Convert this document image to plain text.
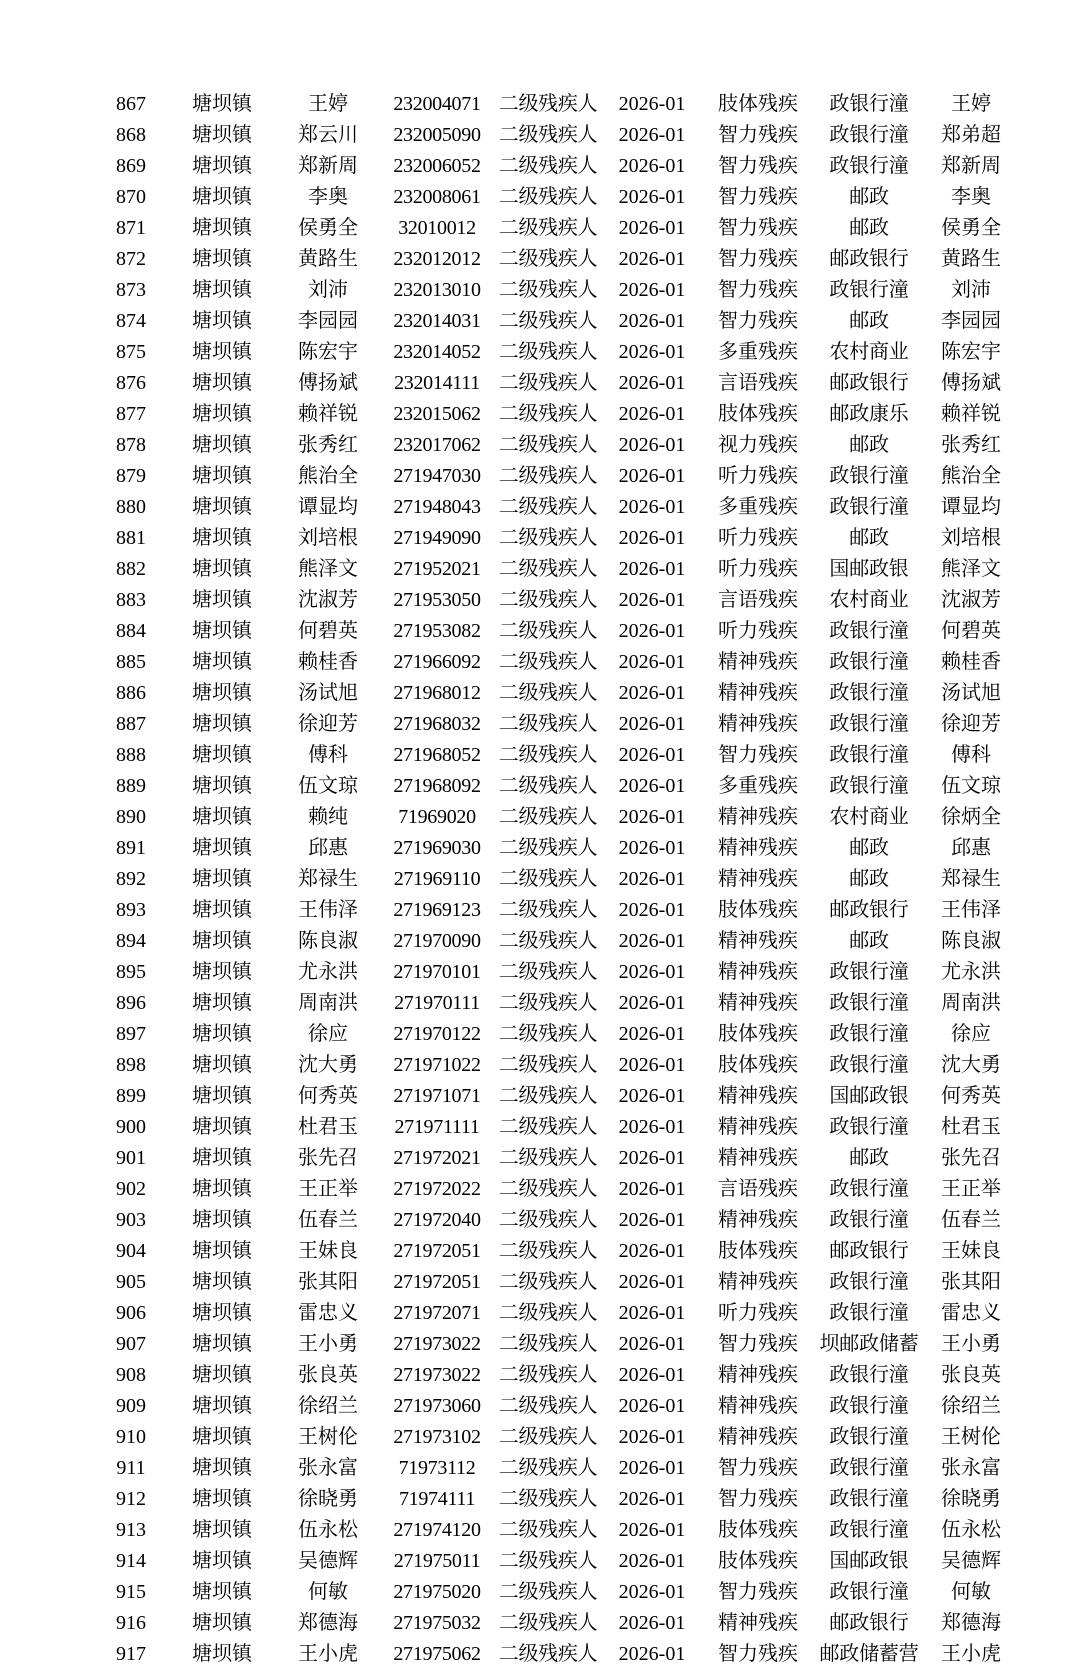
867	塘坝镇	王婷	232004071	二级残疾人	2026-01	肢体残疾	政银行潼	王婷
868	塘坝镇	郑云川	232005090	二级残疾人	2026-01	智力残疾	政银行潼	郑弟超
869	塘坝镇	郑新周	232006052	二级残疾人	2026-01	智力残疾	政银行潼	郑新周
870	塘坝镇	李奥	232008061	二级残疾人	2026-01	智力残疾	邮政	李奥
871	塘坝镇	侯勇全	32010012	二级残疾人	2026-01	智力残疾	邮政	侯勇全
872	塘坝镇	黄路生	232012012	二级残疾人	2026-01	智力残疾	邮政银行	黄路生
873	塘坝镇	刘沛	232013010	二级残疾人	2026-01	智力残疾	政银行潼	刘沛
874	塘坝镇	李园园	232014031	二级残疾人	2026-01	智力残疾	邮政	李园园
875	塘坝镇	陈宏宇	232014052	二级残疾人	2026-01	多重残疾	农村商业	陈宏宇
876	塘坝镇	傅扬斌	232014111	二级残疾人	2026-01	言语残疾	邮政银行	傅扬斌
877	塘坝镇	赖祥锐	232015062	二级残疾人	2026-01	肢体残疾	邮政康乐	赖祥锐
878	塘坝镇	张秀红	232017062	二级残疾人	2026-01	视力残疾	邮政	张秀红
879	塘坝镇	熊治全	271947030	二级残疾人	2026-01	听力残疾	政银行潼	熊治全
880	塘坝镇	谭显均	271948043	二级残疾人	2026-01	多重残疾	政银行潼	谭显均
881	塘坝镇	刘培根	271949090	二级残疾人	2026-01	听力残疾	邮政	刘培根
882	塘坝镇	熊泽文	271952021	二级残疾人	2026-01	听力残疾	国邮政银	熊泽文
883	塘坝镇	沈淑芳	271953050	二级残疾人	2026-01	言语残疾	农村商业	沈淑芳
884	塘坝镇	何碧英	271953082	二级残疾人	2026-01	听力残疾	政银行潼	何碧英
885	塘坝镇	赖桂香	271966092	二级残疾人	2026-01	精神残疾	政银行潼	赖桂香
886	塘坝镇	汤试旭	271968012	二级残疾人	2026-01	精神残疾	政银行潼	汤试旭
887	塘坝镇	徐迎芳	271968032	二级残疾人	2026-01	精神残疾	政银行潼	徐迎芳
888	塘坝镇	傅科	271968052	二级残疾人	2026-01	智力残疾	政银行潼	傅科
889	塘坝镇	伍文琼	271968092	二级残疾人	2026-01	多重残疾	政银行潼	伍文琼
890	塘坝镇	赖纯	71969020	二级残疾人	2026-01	精神残疾	农村商业	徐炳全
891	塘坝镇	邱惠	271969030	二级残疾人	2026-01	精神残疾	邮政	邱惠
892	塘坝镇	郑禄生	271969110	二级残疾人	2026-01	精神残疾	邮政	郑禄生
893	塘坝镇	王伟泽	271969123	二级残疾人	2026-01	肢体残疾	邮政银行	王伟泽
894	塘坝镇	陈良淑	271970090	二级残疾人	2026-01	精神残疾	邮政	陈良淑
895	塘坝镇	尤永洪	271970101	二级残疾人	2026-01	精神残疾	政银行潼	尤永洪
896	塘坝镇	周南洪	271970111	二级残疾人	2026-01	精神残疾	政银行潼	周南洪
897	塘坝镇	徐应	271970122	二级残疾人	2026-01	肢体残疾	政银行潼	徐应
898	塘坝镇	沈大勇	271971022	二级残疾人	2026-01	肢体残疾	政银行潼	沈大勇
899	塘坝镇	何秀英	271971071	二级残疾人	2026-01	精神残疾	国邮政银	何秀英
900	塘坝镇	杜君玉	271971111	二级残疾人	2026-01	精神残疾	政银行潼	杜君玉
901	塘坝镇	张先召	271972021	二级残疾人	2026-01	精神残疾	邮政	张先召
902	塘坝镇	王正举	271972022	二级残疾人	2026-01	言语残疾	政银行潼	王正举
903	塘坝镇	伍春兰	271972040	二级残疾人	2026-01	精神残疾	政银行潼	伍春兰
904	塘坝镇	王妹良	271972051	二级残疾人	2026-01	肢体残疾	邮政银行	王妹良
905	塘坝镇	张其阳	271972051	二级残疾人	2026-01	精神残疾	政银行潼	张其阳
906	塘坝镇	雷忠义	271972071	二级残疾人	2026-01	听力残疾	政银行潼	雷忠义
907	塘坝镇	王小勇	271973022	二级残疾人	2026-01	智力残疾	坝邮政储蓄	王小勇
908	塘坝镇	张良英	271973022	二级残疾人	2026-01	精神残疾	政银行潼	张良英
909	塘坝镇	徐绍兰	271973060	二级残疾人	2026-01	精神残疾	政银行潼	徐绍兰
910	塘坝镇	王树伦	271973102	二级残疾人	2026-01	精神残疾	政银行潼	王树伦
911	塘坝镇	张永富	71973112	二级残疾人	2026-01	智力残疾	政银行潼	张永富
912	塘坝镇	徐晓勇	71974111	二级残疾人	2026-01	智力残疾	政银行潼	徐晓勇
913	塘坝镇	伍永松	271974120	二级残疾人	2026-01	肢体残疾	政银行潼	伍永松
914	塘坝镇	吴德辉	271975011	二级残疾人	2026-01	肢体残疾	国邮政银	吴德辉
915	塘坝镇	何敏	271975020	二级残疾人	2026-01	智力残疾	政银行潼	何敏
916	塘坝镇	郑德海	271975032	二级残疾人	2026-01	精神残疾	邮政银行	郑德海
917	塘坝镇	王小虎	271975062	二级残疾人	2026-01	智力残疾	邮政储蓄营	王小虎
